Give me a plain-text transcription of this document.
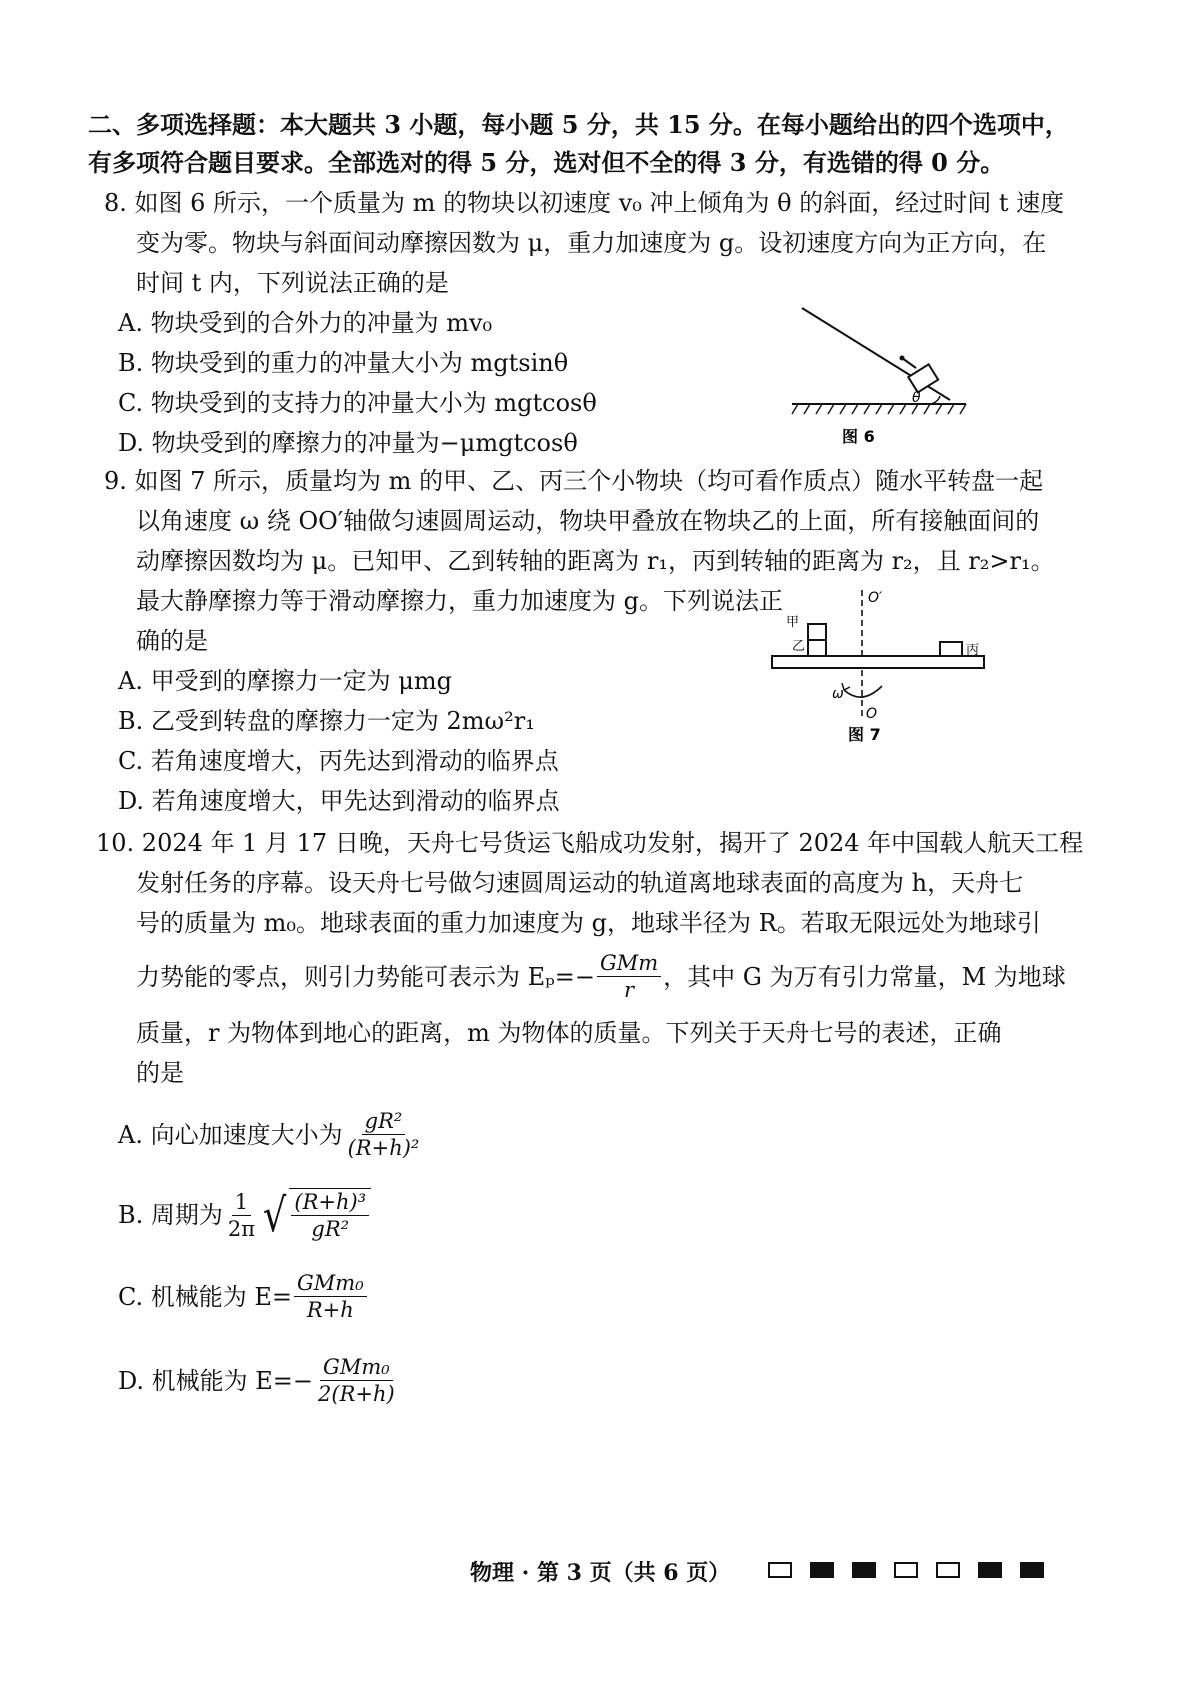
二、多项选择题：本大题共 3 小题，每小题 5 分，共 15 分。在每小题给出的四个选项中，
有多项符合题目要求。全部选对的得 5 分，选对但不全的得 3 分，有选错的得 0 分。
8. 如图 6 所示，一个质量为 m 的物块以初速度 v₀ 冲上倾角为 θ 的斜面，经过时间 t 速度
变为零。物块与斜面间动摩擦因数为 μ，重力加速度为 g。设初速度方向为正方向，在
时间 t 内，下列说法正确的是
A. 物块受到的合外力的冲量为 mv₀
B. 物块受到的重力的冲量大小为 mgtsinθ
C. 物块受到的支持力的冲量大小为 mgtcosθ
D. 物块受到的摩擦力的冲量为−μmgtcosθ
θ
图 6
9. 如图 7 所示，质量均为 m 的甲、乙、丙三个小物块（均可看作质点）随水平转盘一起
以角速度 ω 绕 OO′轴做匀速圆周运动，物块甲叠放在物块乙的上面，所有接触面间的
动摩擦因数均为 μ。已知甲、乙到转轴的距离为 r₁，丙到转轴的距离为 r₂，且 r₂>r₁。
最大静摩擦力等于滑动摩擦力，重力加速度为 g。下列说法正
确的是
A. 甲受到的摩擦力一定为 μmg
B. 乙受到转盘的摩擦力一定为 2mω²r₁
C. 若角速度增大，丙先达到滑动的临界点
D. 若角速度增大，甲先达到滑动的临界点
O′
甲
乙	丙
ω
O
图 7
10. 2024 年 1 月 17 日晚，天舟七号货运飞船成功发射，揭开了 2024 年中国载人航天工程
发射任务的序幕。设天舟七号做匀速圆周运动的轨道离地球表面的高度为 h，天舟七
号的质量为 m₀。地球表面的重力加速度为 g，地球半径为 R。若取无限远处为地球引
力势能的零点，则引力势能可表示为 $E_p=- \frac{\text{GMm}}{r}$ ，其中 G 为万有引力常量，M 为地球
质量，r 为物体到地心的距离，m 为物体的质量。下列关于天舟七号的表述，正确
的是
A. 向心加速度大小为 $\frac{\text{gR²}}{\text{(R+h)²}}$
B. 周期为 $\frac{1}{2\pi}$ √ $\frac{\text{(R+h)³}}{\text{gR²}}$
C. 机械能为 $E= \frac{\text{GMm₀}}{R+h}$
D. 机械能为 $E=- \frac{\text{GMm₀}}{2(R+h)}$
物理 · 第 3 页（共 6 页）
